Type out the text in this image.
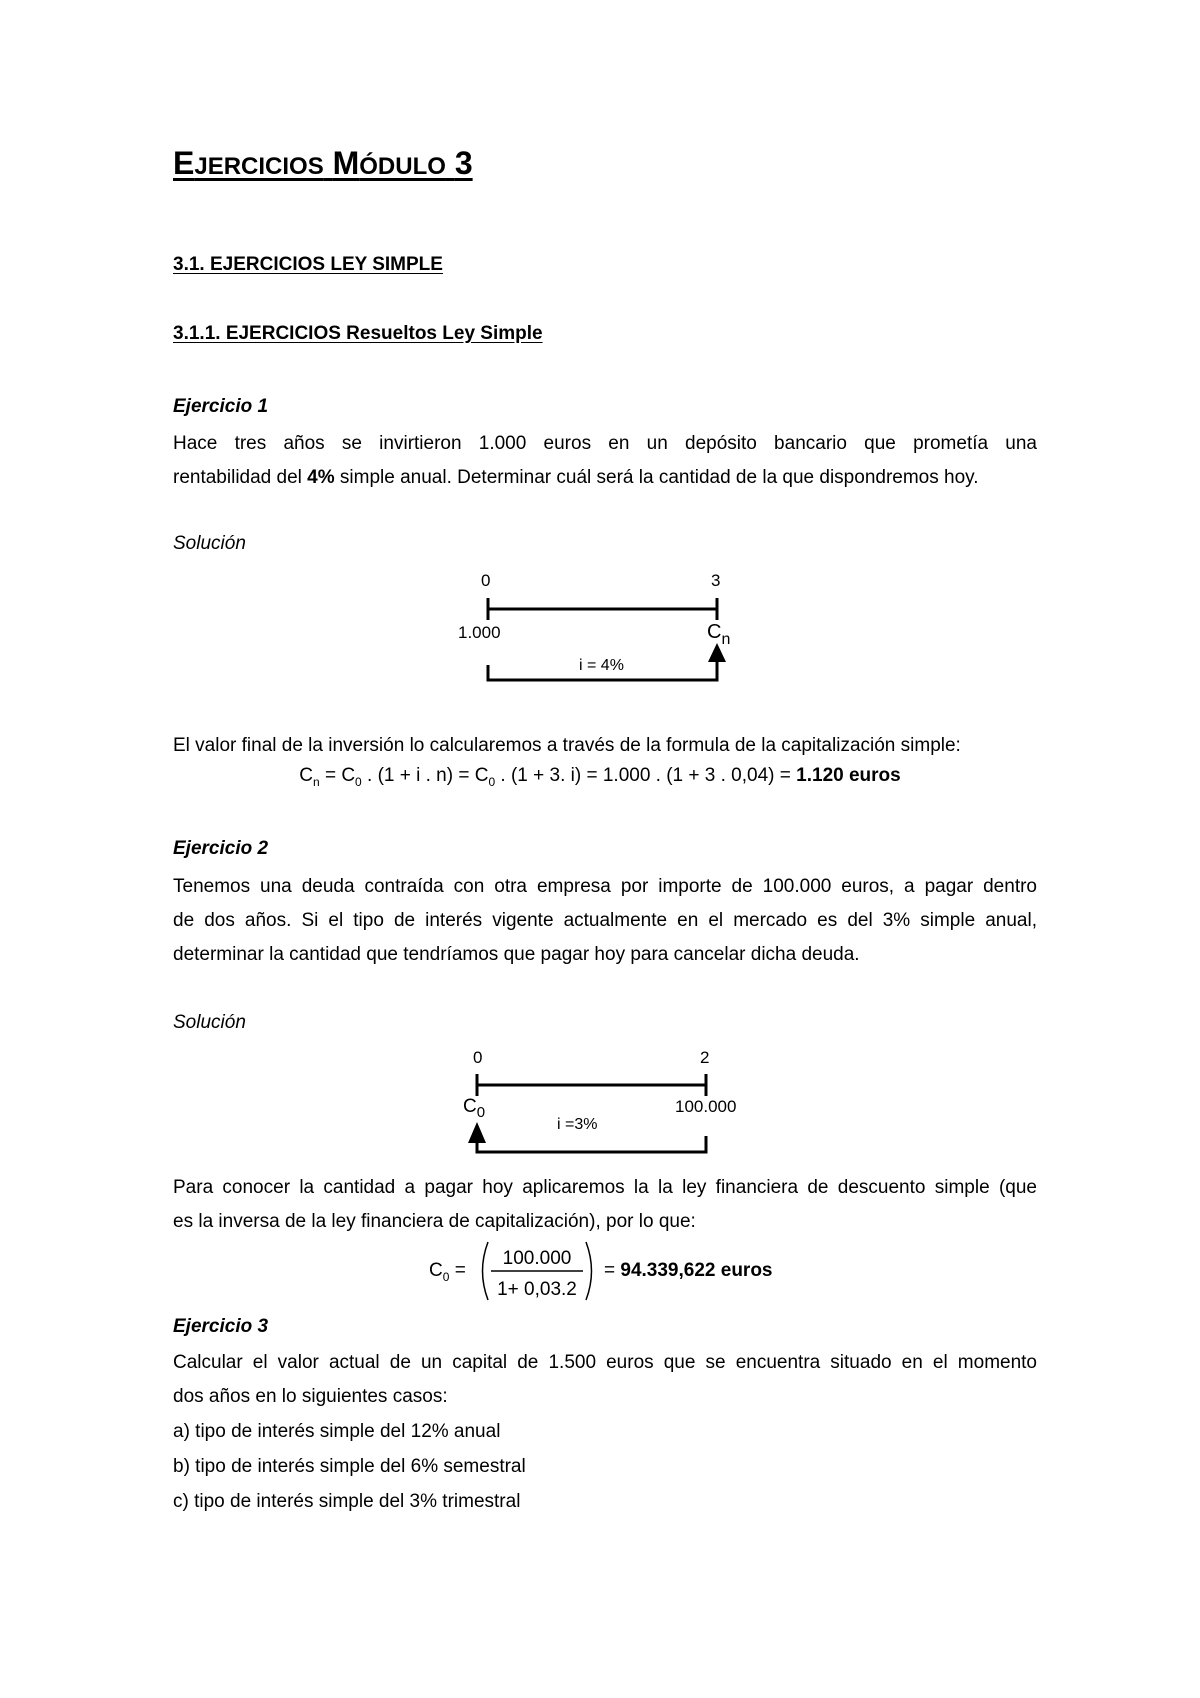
EJERCICIOS MÓDULO 3
3.1. EJERCICIOS LEY SIMPLE
3.1.1. EJERCICIOS Resueltos Ley Simple
Ejercicio 1
Hace tres años se invirtieron 1.000 euros en un depósito bancario que prometía una
rentabilidad del 4% simple anual. Determinar cuál será la cantidad de la que dispondremos hoy.
Solución
0	3
1.000	$C_n$
i = 4%
El valor final de la inversión lo calcularemos a través de la formula de la capitalización simple:
$C_n = C_0$ . (1 + i . $n) = C_0$ . (1 + 3. i) = 1.000 . (1 + 3 . 0,04) = 1.120 euros
Ejercicio 2
Tenemos una deuda contraída con otra empresa por importe de 100.000 euros, a pagar dentro
de dos años. Si el tipo de interés vigente actualmente en el mercado es del 3% simple anual,
determinar la cantidad que tendríamos que pagar hoy para cancelar dicha deuda.
Solución
0	2
$C_0$	100.000
i =3%
Para conocer la cantidad a pagar hoy aplicaremos la la ley financiera de descuento simple (que
es la inversa de la ley financiera de capitalización), por lo que:
$C_0$ =
100.000
1+ 0,03.2
= 94.339,622 euros
Ejercicio 3
Calcular el valor actual de un capital de 1.500 euros que se encuentra situado en el momento
dos años en lo siguientes casos:
a) tipo de interés simple del 12% anual
b) tipo de interés simple del 6% semestral
c) tipo de interés simple del 3% trimestral
